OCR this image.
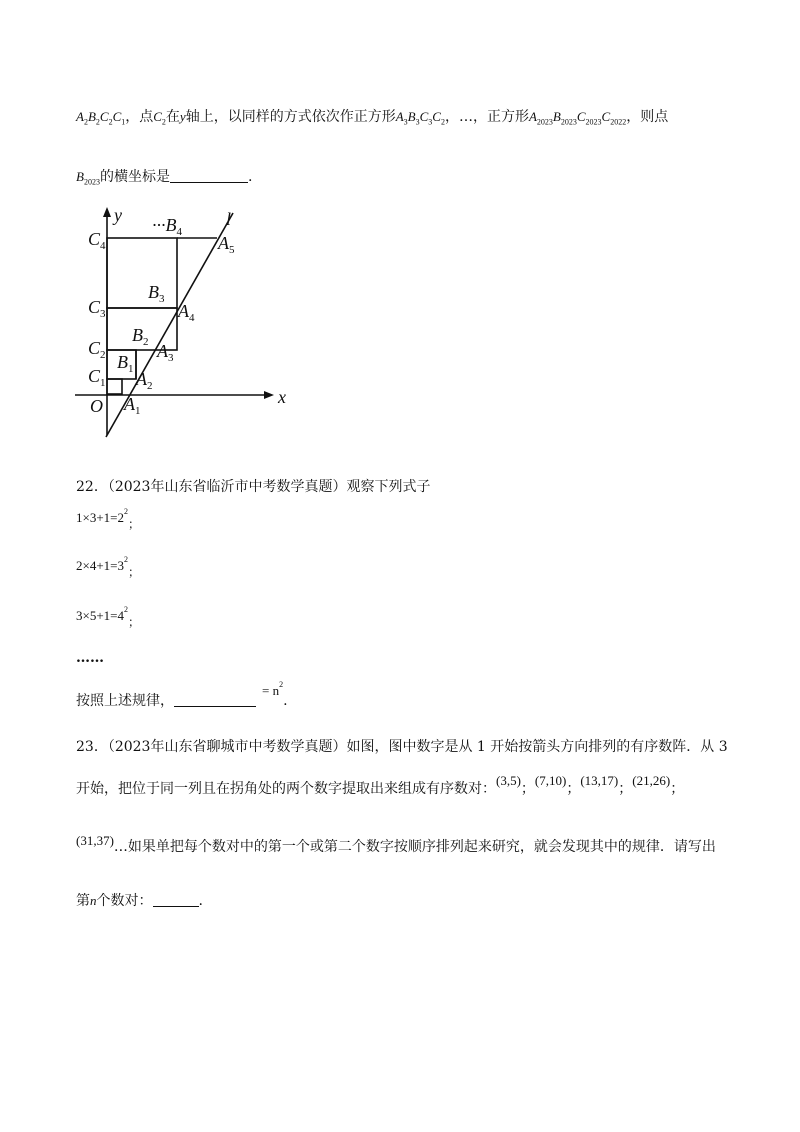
$A_2B_2C_2C_1$，点$C_2$在y轴上，以同样的方式依次作正方形$A_3B_3C_3C_2$，…，正方形$A_{2023}B_{2023}C_{2023}C_{2022}$，则点
$B_{2023}$的横坐标是	.
y
x
O
l
$C_4$
$\cdot\cdot\cdot B_4$
$A_5$
$C_3$
$B_3$
$A_4$
$C_2$
$B_2$ $A_3$
$C_1$
$B_1$ $A_2$
$A_1$
22．（2023年山东省临沂市中考数学真题）观察下列式子
$1\times 3+1=2^2$；
$2\times 4+1=3^2$；
$3\times 5+1=4^2$；
……
按照上述规律，= $n^2$.
23．（2023年山东省聊城市中考数学真题）如图，图中数字是从 1 开始按箭头方向排列的有序数阵．从 3
开始，把位于同一列且在拐角处的两个数字提取出来组成有序数对：(3,5)；(7,10)；(13,17)；(21,26)；
(31,37)…如果单把每个数对中的第一个或第二个数字按顺序排列起来研究，就会发现其中的规律．请写出
第n个数对：	.
